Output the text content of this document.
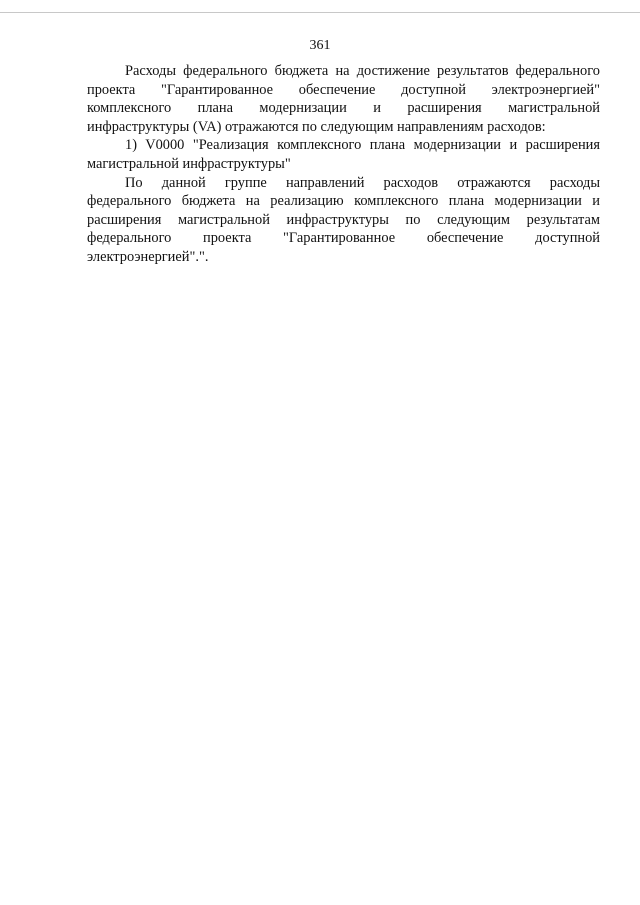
361

Расходы федерального бюджета на достижение результатов федерального
проекта "Гарантированное обеспечение доступной электроэнергией"
комплексного плана модернизации и расширения магистральной
инфраструктуры (VA) отражаются по следующим направлениям расходов:

1) V0000 "Реализация комплексного плана модернизации и расширения
магистральной инфраструктуры"

По данной группе направлений расходов отражаются расходы
федерального бюджета на реализацию комплексного плана модернизации и
расширения магистральной инфраструктуры по следующим результатам
федерального проекта "Гарантированное обеспечение доступной
электроэнергией".".
